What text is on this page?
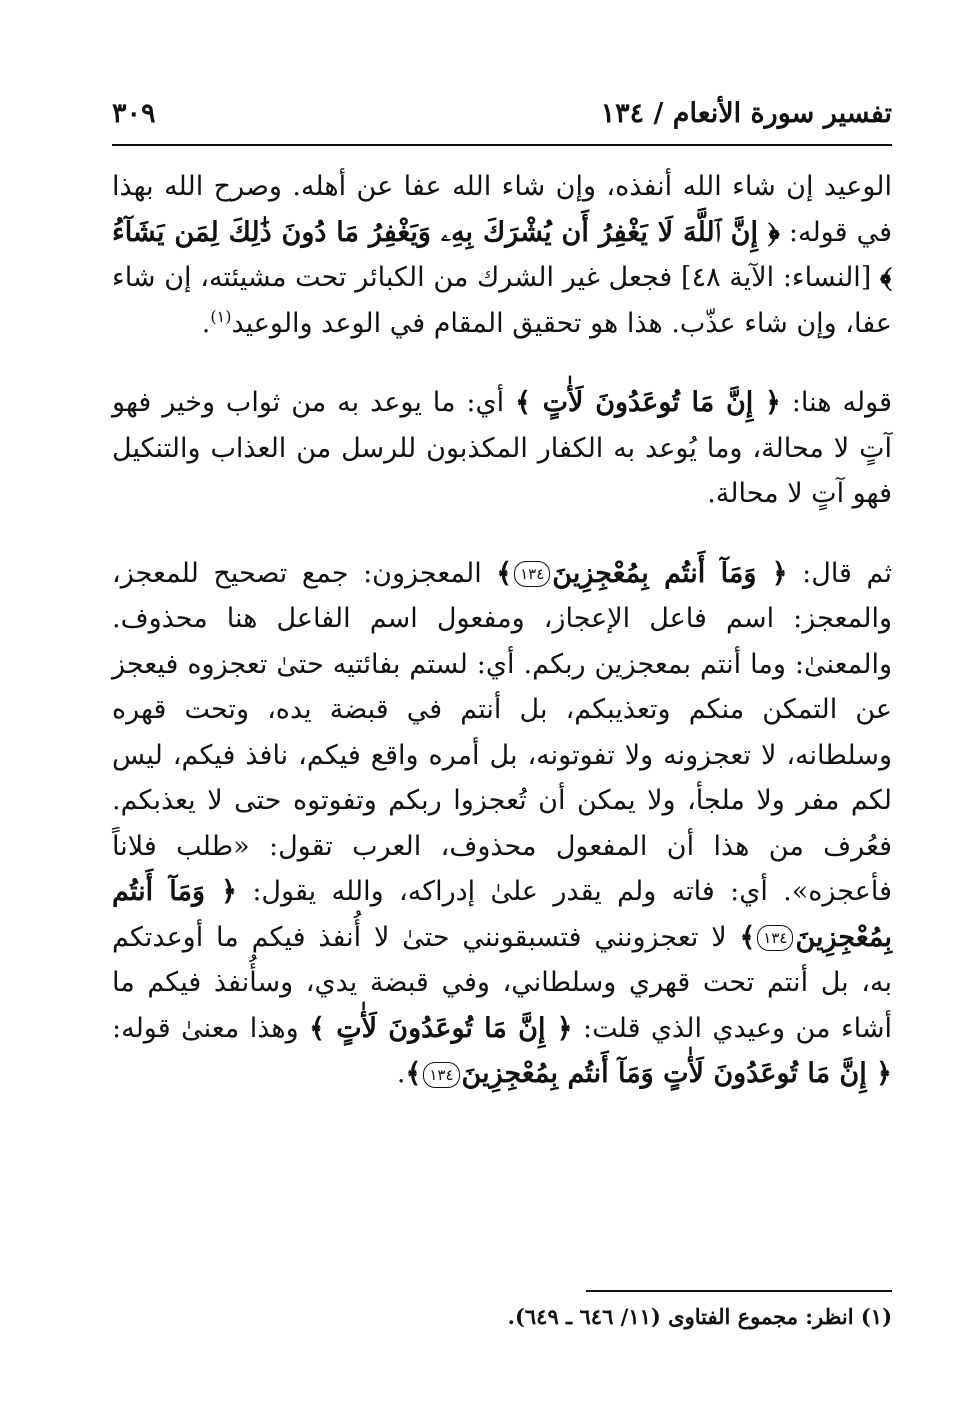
تفسير سورة الأنعام / ١٣٤
٣٠٩

الوعيد إن شاء الله أنفذه، وإن شاء الله عفا عن أهله. وصرح الله بهذا في قوله: ﴿ إِنَّ ٱللَّهَ لَا يَغْفِرُ أَن يُشْرَكَ بِهِۦ وَيَغْفِرُ مَا دُونَ ذَٰلِكَ لِمَن يَشَآءُ ﴾ [النساء: الآية ٤٨] فجعل غير الشرك من الكبائر تحت مشيئته، إن شاء عفا، وإن شاء عذّب. هذا هو تحقيق المقام في الوعد والوعيد$^{(١)}$.

قوله هنا: ﴿ إِنَّ مَا تُوعَدُونَ لَأٰتٍ ﴾ أي: ما يوعد به من ثواب وخير فهو آتٍ لا محالة، وما يُوعد به الكفار المكذبون للرسل من العذاب والتنكيل فهو آتٍ لا محالة.

ثم قال: ﴿ وَمَآ أَنتُم بِمُعْجِزِينَ١٣٤﴾ المعجزون: جمع تصحيح للمعجز، والمعجز: اسم فاعل الإعجاز، ومفعول اسم الفاعل هنا محذوف. والمعنىٰ: وما أنتم بمعجزين ربكم. أي: لستم بفائتيه حتىٰ تعجزوه فيعجز عن التمكن منكم وتعذيبكم، بل أنتم في قبضة يده، وتحت قهره وسلطانه، لا تعجزونه ولا تفوتونه، بل أمره واقع فيكم، نافذ فيكم، ليس لكم مفر ولا ملجأ، ولا يمكن أن تُعجزوا ربكم وتفوتوه حتى لا يعذبكم. فعُرف من هذا أن المفعول محذوف، العرب تقول: «طلب فلاناً فأعجزه». أي: فاته ولم يقدر علىٰ إدراكه، والله يقول: ﴿ وَمَآ أَنتُم بِمُعْجِزِينَ١٣٤﴾ لا تعجزونني فتسبقونني حتىٰ لا أُنفذ فيكم ما أوعدتكم به، بل أنتم تحت قهري وسلطاني، وفي قبضة يدي، وسأُنفذ فيكم ما أشاء من وعيدي الذي قلت: ﴿ إِنَّ مَا تُوعَدُونَ لَأٰتٍ ﴾ وهذا معنىٰ قوله: ﴿ إِنَّ مَا تُوعَدُونَ لَأٰتٍ وَمَآ أَنتُم بِمُعْجِزِينَ١٣٤﴾.

(١) انظر: مجموع الفتاوى (١١/ ٦٤٦ ـ ٦٤٩).
